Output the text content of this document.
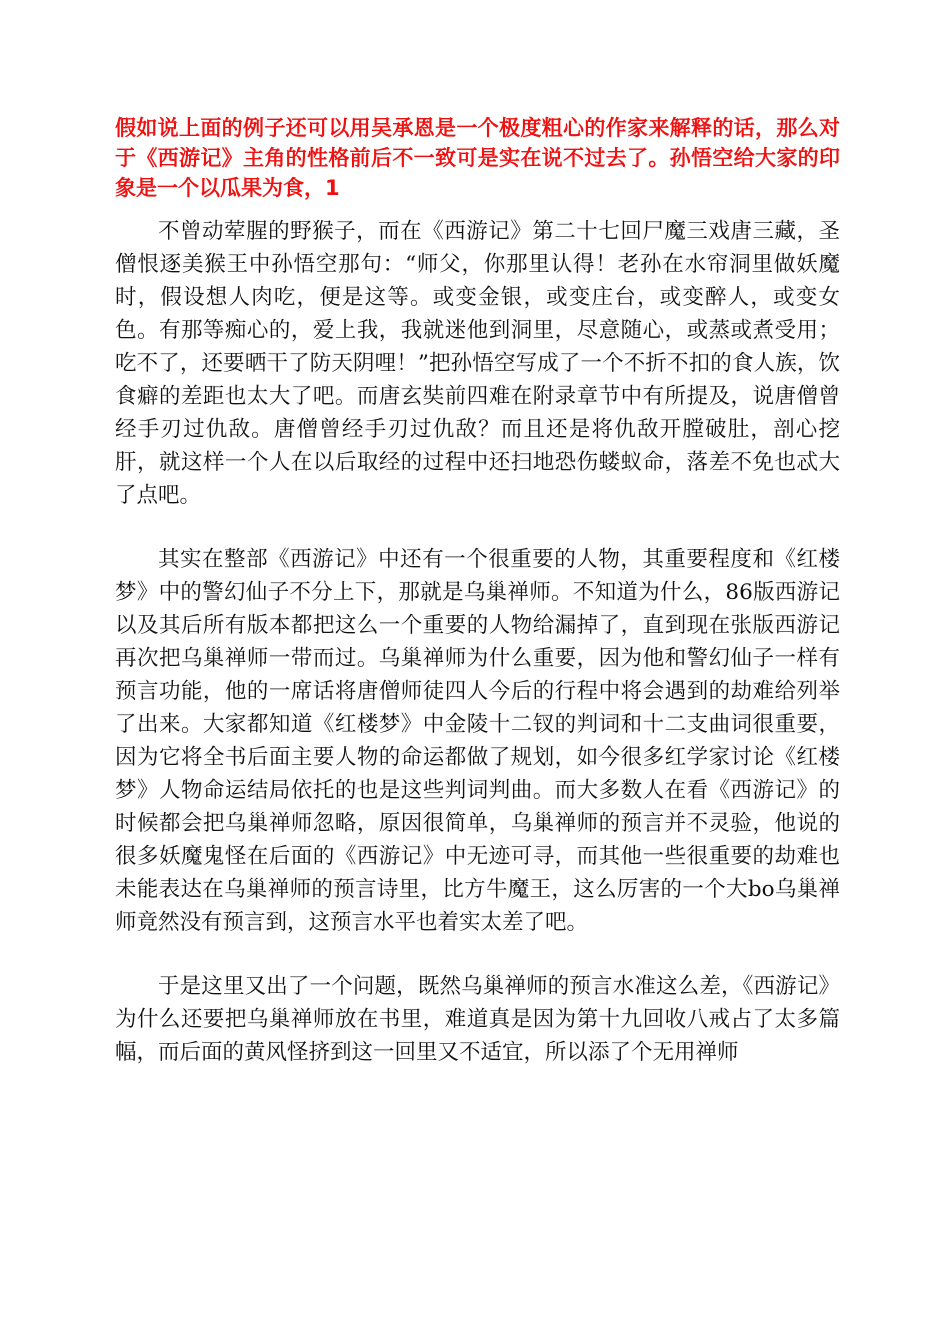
假如说上面的例子还可以用吴承恩是一个极度粗心的作家来解释的话，那么对于《西游记》主角的性格前后不一致可是实在说不过去了。孙悟空给大家的印象是一个以瓜果为食，1

不曾动荤腥的野猴子，而在《西游记》第二十七回尸魔三戏唐三藏，圣僧恨逐美猴王中孙悟空那句：“师父，你那里认得！老孙在水帘洞里做妖魔时，假设想人肉吃，便是这等。或变金银，或变庄台，或变醉人，或变女色。有那等痴心的，爱上我，我就迷他到洞里，尽意随心，或蒸或煮受用；吃不了，还要晒干了防天阴哩！”把孙悟空写成了一个不折不扣的食人族，饮食癖的差距也太大了吧。而唐玄奘前四难在附录章节中有所提及，说唐僧曾经手刃过仇敌。唐僧曾经手刃过仇敌？而且还是将仇敌开膛破肚，剖心挖肝，就这样一个人在以后取经的过程中还扫地恐伤蝼蚁命，落差不免也忒大了点吧。

其实在整部《西游记》中还有一个很重要的人物，其重要程度和《红楼梦》中的警幻仙子不分上下，那就是乌巢禅师。不知道为什么，86版西游记以及其后所有版本都把这么一个重要的人物给漏掉了，直到现在张版西游记再次把乌巢禅师一带而过。乌巢禅师为什么重要，因为他和警幻仙子一样有预言功能，他的一席话将唐僧师徒四人今后的行程中将会遇到的劫难给列举了出来。大家都知道《红楼梦》中金陵十二钗的判词和十二支曲词很重要，因为它将全书后面主要人物的命运都做了规划，如今很多红学家讨论《红楼梦》人物命运结局依托的也是这些判词判曲。而大多数人在看《西游记》的时候都会把乌巢禅师忽略，原因很简单，乌巢禅师的预言并不灵验，他说的很多妖魔鬼怪在后面的《西游记》中无迹可寻，而其他一些很重要的劫难也未能表达在乌巢禅师的预言诗里，比方牛魔王，这么厉害的一个大bo乌巢禅师竟然没有预言到，这预言水平也着实太差了吧。

于是这里又出了一个问题，既然乌巢禅师的预言水准这么差，《西游记》为什么还要把乌巢禅师放在书里，难道真是因为第十九回收八戒占了太多篇幅，而后面的黄风怪挤到这一回里又不适宜，所以添了个无用禅师
